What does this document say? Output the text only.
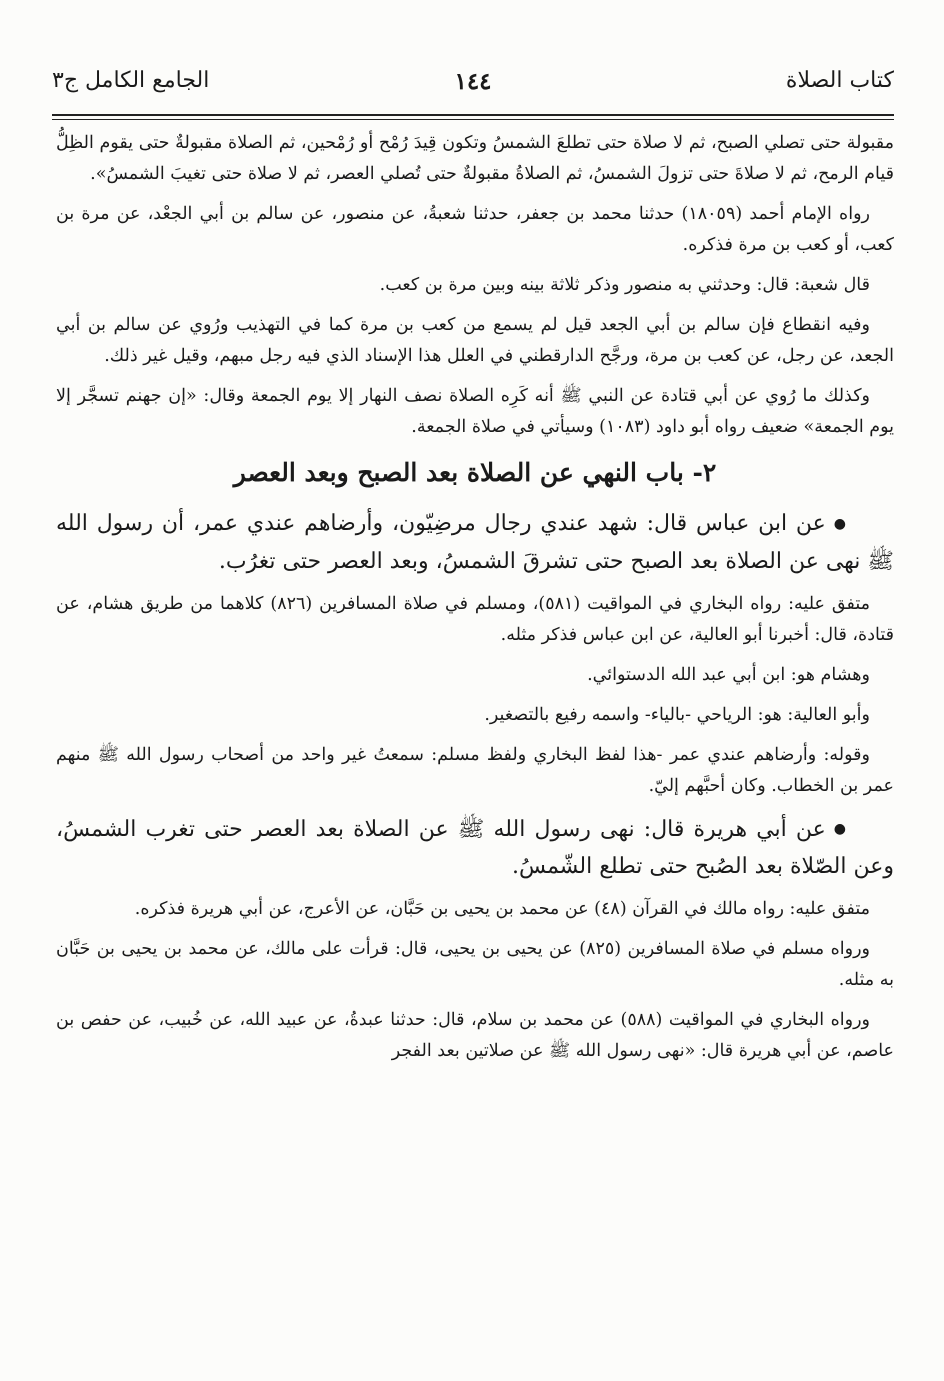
كتاب الصلاة
١٤٤
الجامع الكامل ج٣

مقبولة حتى تصلي الصبح، ثم لا صلاة حتى تطلعَ الشمسُ وتكون قِيدَ رُمْح أو رُمْحين، ثم الصلاة مقبولةٌ حتى يقوم الظِلُّ قيام الرمح، ثم لا صلاةَ حتى تزولَ الشمسُ، ثم الصلاةُ مقبولةٌ حتى تُصلي العصر، ثم لا صلاة حتى تغيبَ الشمسُ».

رواه الإمام أحمد (١٨٠٥٩) حدثنا محمد بن جعفر، حدثنا شعبةُ، عن منصور، عن سالم بن أبي الجعْد، عن مرة بن كعب، أو كعب بن مرة فذكره.

قال شعبة: قال: وحدثني به منصور وذكر ثلاثة بينه وبين مرة بن كعب.

وفيه انقطاع فإن سالم بن أبي الجعد قيل لم يسمع من كعب بن مرة كما في التهذيب ورُوي عن سالم بن أبي الجعد، عن رجل، عن كعب بن مرة، ورجَّح الدارقطني في العلل هذا الإسناد الذي فيه رجل مبهم، وقيل غير ذلك.

وكذلك ما رُوي عن أبي قتادة عن النبي ﷺ أنه كَرِه الصلاة نصف النهار إلا يوم الجمعة وقال: «إن جهنم تسجَّر إلا يوم الجمعة» ضعيف رواه أبو داود (١٠٨٣) وسيأتي في صلاة الجمعة.

٢- باب النهي عن الصلاة بعد الصبح وبعد العصر

●عن ابن عباس قال: شهد عندي رجال مرضِيّون، وأرضاهم عندي عمر، أن رسول الله ﷺ نهى عن الصلاة بعد الصبح حتى تشرقَ الشمسُ، وبعد العصر حتى تغرُب.

متفق عليه: رواه البخاري في المواقيت (٥٨١)، ومسلم في صلاة المسافرين (٨٢٦) كلاهما من طريق هشام، عن قتادة، قال: أخبرنا أبو العالية، عن ابن عباس فذكر مثله.

وهشام هو: ابن أبي عبد الله الدستوائي.

وأبو العالية: هو: الرياحي -بالياء- واسمه رفيع بالتصغير.

وقوله: وأرضاهم عندي عمر -هذا لفظ البخاري ولفظ مسلم: سمعتُ غير واحد من أصحاب رسول الله ﷺ منهم عمر بن الخطاب. وكان أحبَّهم إليّ.

●عن أبي هريرة قال: نهى رسول الله ﷺ عن الصلاة بعد العصر حتى تغرب الشمسُ، وعن الصّلاة بعد الصُبح حتى تطلع الشّمسُ.

متفق عليه: رواه مالك في القرآن (٤٨) عن محمد بن يحيى بن حَبَّان، عن الأعرج، عن أبي هريرة فذكره.

ورواه مسلم في صلاة المسافرين (٨٢٥) عن يحيى بن يحيى، قال: قرأت على مالك، عن محمد بن يحيى بن حَبَّان به مثله.

ورواه البخاري في المواقيت (٥٨٨) عن محمد بن سلام، قال: حدثنا عبدةُ، عن عبيد الله، عن خُبيب، عن حفص بن عاصم، عن أبي هريرة قال: «نهى رسول الله ﷺ عن صلاتين بعد الفجر
